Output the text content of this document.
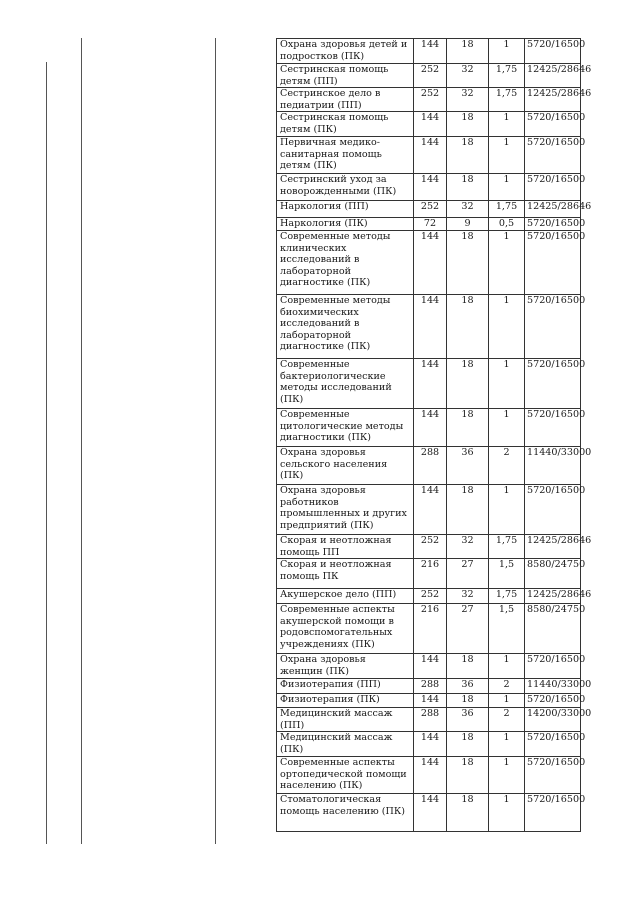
Охрана здоровья детей и подростков (ПК)	144	18	1	5720/16500
Сестринская помощь детям (ПП)	252	32	1,75	12425/28646
Сестринское дело в педиатрии (ПП)	252	32	1,75	12425/28646
Сестринская помощь детям (ПК)	144	18	1	5720/16500
Первичная медико-санитарная помощь детям (ПК)	144	18	1	5720/16500
Сестринский уход за новорожденными (ПК)	144	18	1	5720/16500
Наркология (ПП)	252	32	1,75	12425/28646
Наркология (ПК)	72	9	0,5	5720/16500
Современные методы клинических исследований в лабораторной диагностике (ПК)	144	18	1	5720/16500
Современные методы биохимических исследований в лабораторной диагностике (ПК)	144	18	1	5720/16500
Современные бактериологические методы исследований (ПК)	144	18	1	5720/16500
Современные цитологические методы диагностики (ПК)	144	18	1	5720/16500
Охрана здоровья сельского населения (ПК)	288	36	2	11440/33000
Охрана здоровья работников промышленных и других предприятий (ПК)	144	18	1	5720/16500
Скорая и неотложная помощь ПП	252	32	1,75	12425/28646
Скорая и неотложная помощь ПК	216	27	1,5	8580/24750
Акушерское дело (ПП)	252	32	1,75	12425/28646
Современные аспекты акушерской помощи в родовспомогательных учреждениях (ПК)	216	27	1,5	8580/24750
Охрана здоровья женщин (ПК)	144	18	1	5720/16500
Физиотерапия (ПП)	288	36	2	11440/33000
Физиотерапия (ПК)	144	18	1	5720/16500
Медицинский массаж (ПП)	288	36	2	14200/33000
Медицинский массаж (ПК)	144	18	1	5720/16500
Современные аспекты ортопедической помощи населению (ПК)	144	18	1	5720/16500
Стоматологическая помощь населению (ПК)	144	18	1	5720/16500
